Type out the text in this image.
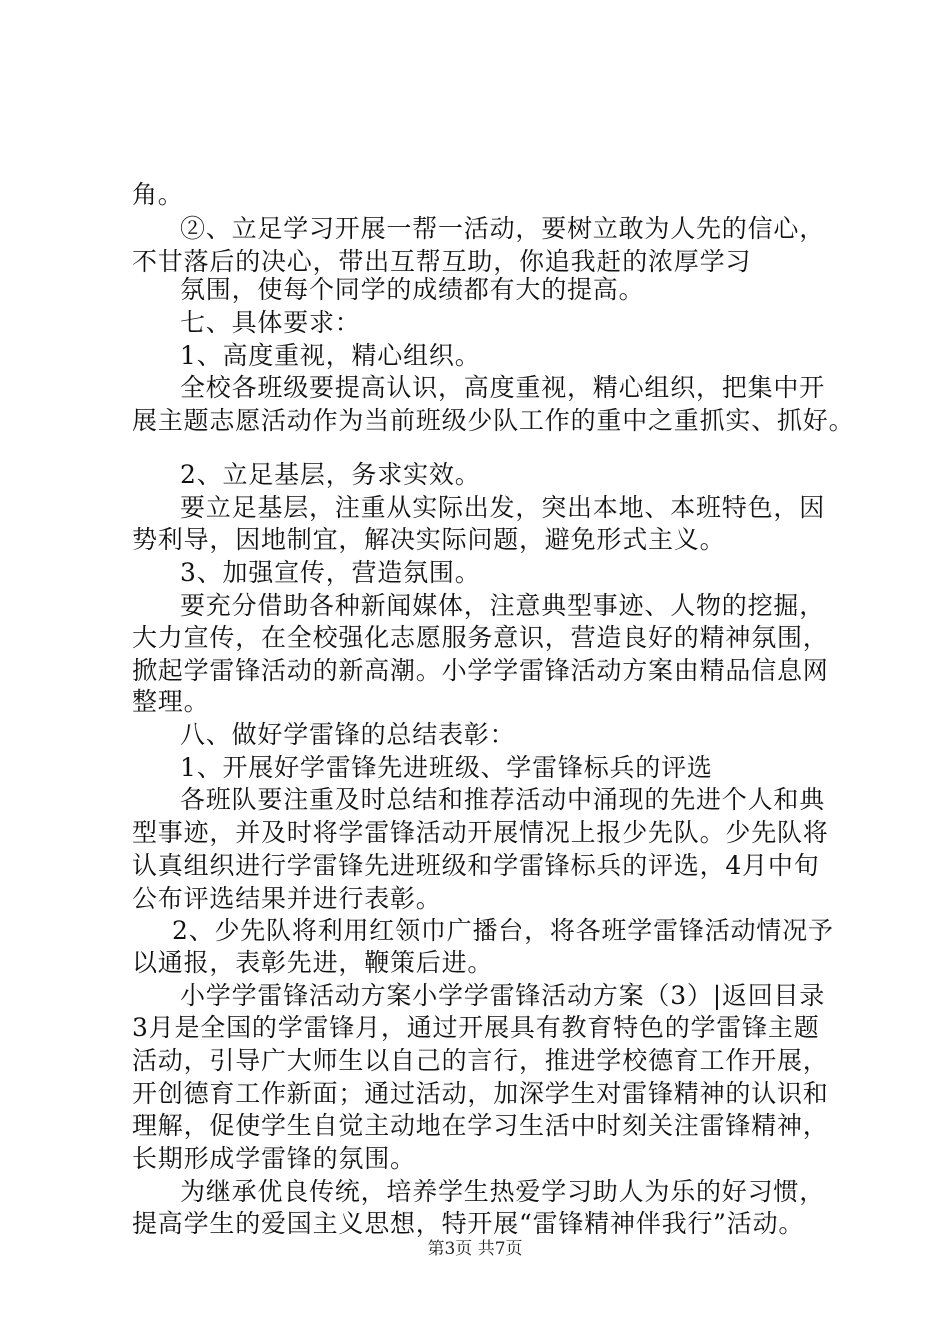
角。
②、立足学习开展一帮一活动，要树立敢为人先的信心，
不甘落后的决心，带出互帮互助，你追我赶的浓厚学习
氛围，使每个同学的成绩都有大的提高。
七、具体要求：
1、高度重视，精心组织。
全校各班级要提高认识，高度重视，精心组织，把集中开
展主题志愿活动作为当前班级少队工作的重中之重抓实、抓好。
2、立足基层，务求实效。
要立足基层，注重从实际出发，突出本地、本班特色，因
势利导，因地制宜，解决实际问题，避免形式主义。
3、加强宣传，营造氛围。
要充分借助各种新闻媒体，注意典型事迹、人物的挖掘，
大力宣传，在全校强化志愿服务意识，营造良好的精神氛围，
掀起学雷锋活动的新高潮。小学学雷锋活动方案由精品信息网
整理。
八、做好学雷锋的总结表彰：
1、开展好学雷锋先进班级、学雷锋标兵的评选
各班队要注重及时总结和推荐活动中涌现的先进个人和典
型事迹，并及时将学雷锋活动开展情况上报少先队。少先队将
认真组织进行学雷锋先进班级和学雷锋标兵的评选，4月中旬
公布评选结果并进行表彰。
2、少先队将利用红领巾广播台，将各班学雷锋活动情况予
以通报，表彰先进，鞭策后进。
小学学雷锋活动方案小学学雷锋活动方案（3）|返回目录
3月是全国的学雷锋月，通过开展具有教育特色的学雷锋主题
活动，引导广大师生以自己的言行，推进学校德育工作开展，
开创德育工作新面；通过活动，加深学生对雷锋精神的认识和
理解，促使学生自觉主动地在学习生活中时刻关注雷锋精神，
长期形成学雷锋的氛围。
为继承优良传统，培养学生热爱学习助人为乐的好习惯，
提高学生的爱国主义思想，特开展“雷锋精神伴我行”活动。
第3页 共7页
